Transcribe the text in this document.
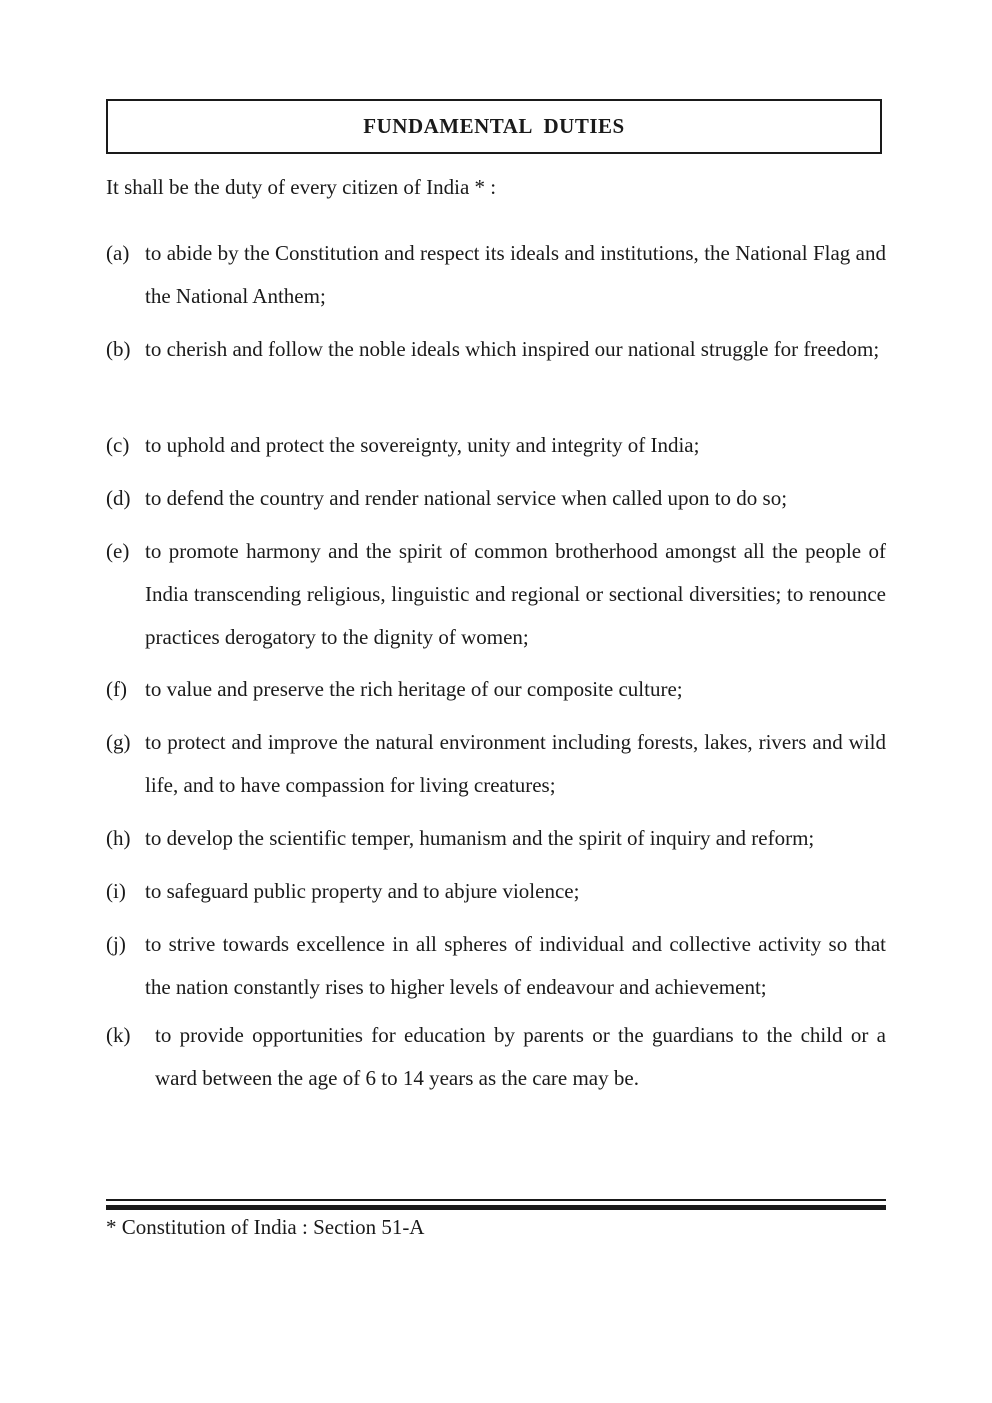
FUNDAMENTAL DUTIES

It shall be the duty of every citizen of India * :

(a) to abide by the Constitution and respect its ideals and institutions, the National Flag and the National Anthem;
(b) to cherish and follow the noble ideals which inspired our national struggle for freedom;
(c) to uphold and protect the sovereignty, unity and integrity of India;
(d) to defend the country and render national service when called upon to do so;
(e) to promote harmony and the spirit of common brotherhood amongst all the people of India transcending religious, linguistic and regional or sectional diversities; to renounce practices derogatory to the dignity of women;
(f) to value and preserve the rich heritage of our composite culture;
(g) to protect and improve the natural environment including forests, lakes, rivers and wild life, and to have compassion for living creatures;
(h) to develop the scientific temper, humanism and the spirit of inquiry and reform;
(i) to safeguard public property and to abjure violence;
(j) to strive towards excellence in all spheres of individual and collective activity so that the nation constantly rises to higher levels of endeavour and achievement;
(k) to provide opportunities for education by parents or the guardians to the child or a ward between the age of 6 to 14 years as the care may be.

* Constitution of India : Section 51-A
